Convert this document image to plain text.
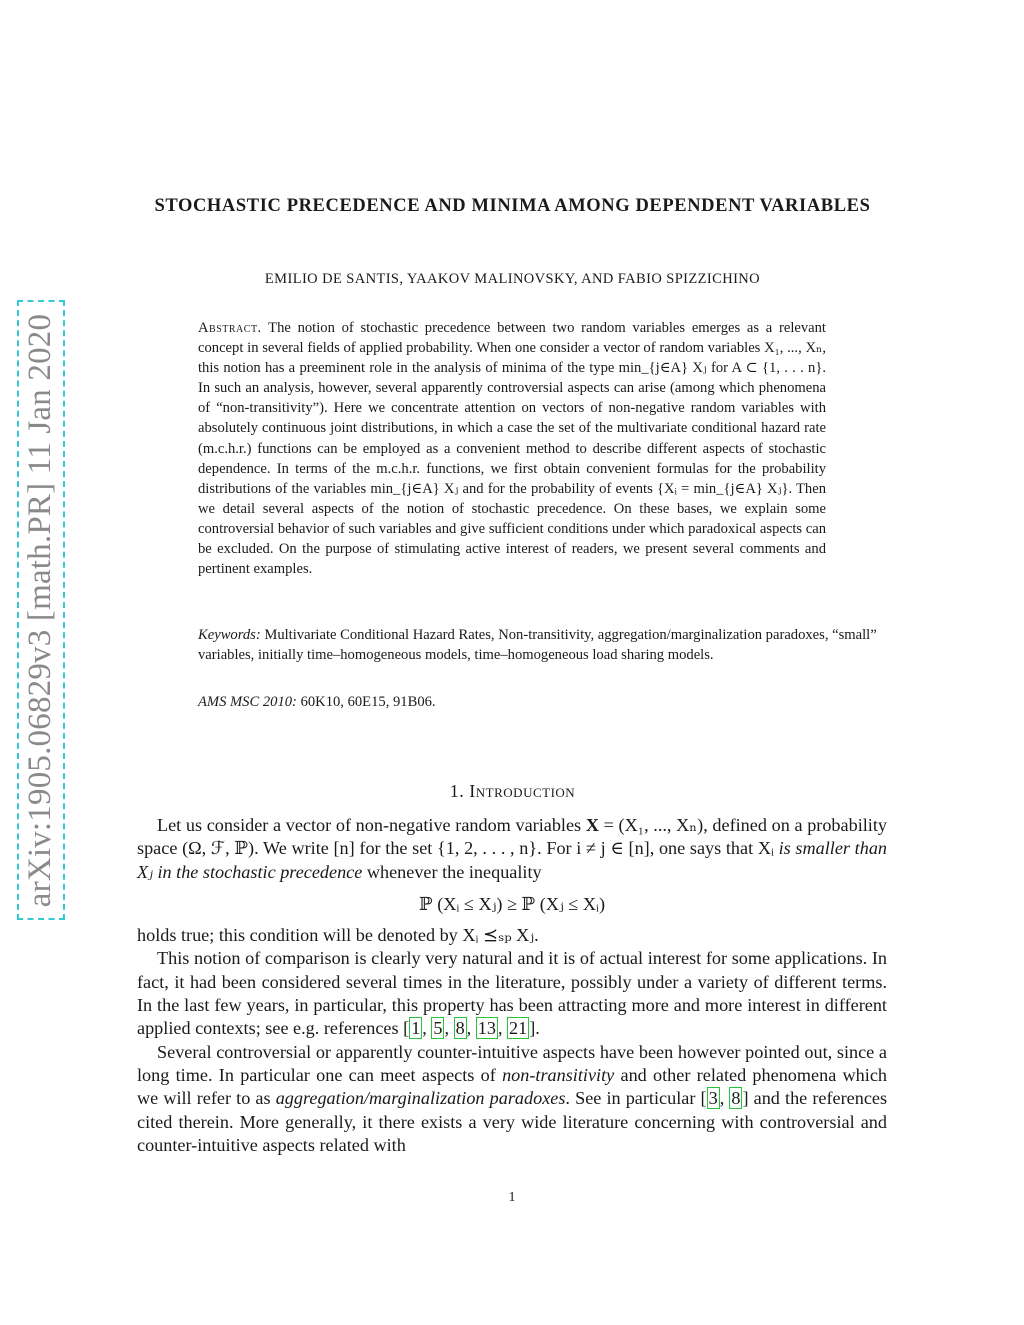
arXiv:1905.06829v3 [math.PR] 11 Jan 2020
STOCHASTIC PRECEDENCE AND MINIMA AMONG DEPENDENT VARIABLES
EMILIO DE SANTIS, YAAKOV MALINOVSKY, AND FABIO SPIZZICHINO
Abstract. The notion of stochastic precedence between two random variables emerges as a relevant concept in several fields of applied probability. When one consider a vector of random variables X₁, ..., Xₙ, this notion has a preeminent role in the analysis of minima of the type min_{j∈A} Xⱼ for A ⊂ {1, . . . n}. In such an analysis, however, several apparently controversial aspects can arise (among which phenomena of “non-transitivity”). Here we concentrate attention on vectors of non-negative random variables with absolutely continuous joint distributions, in which a case the set of the multivariate conditional hazard rate (m.c.h.r.) functions can be employed as a convenient method to describe different aspects of stochastic dependence. In terms of the m.c.h.r. functions, we first obtain convenient formulas for the probability distributions of the variables min_{j∈A} Xⱼ and for the probability of events {Xᵢ = min_{j∈A} Xⱼ}. Then we detail several aspects of the notion of stochastic precedence. On these bases, we explain some controversial behavior of such variables and give sufficient conditions under which paradoxical aspects can be excluded. On the purpose of stimulating active interest of readers, we present several comments and pertinent examples.
Keywords: Multivariate Conditional Hazard Rates, Non-transitivity, aggregation/marginalization paradoxes, “small” variables, initially time–homogeneous models, time–homogeneous load sharing models.
AMS MSC 2010: 60K10, 60E15, 91B06.
1. Introduction

Let us consider a vector of non-negative random variables X = (X₁, ..., Xₙ), defined on a probability space (Ω, ℱ, ℙ). We write [n] for the set {1, 2, . . . , n}. For i ≠ j ∈ [n], one says that Xᵢ is smaller than Xⱼ in the stochastic precedence whenever the inequality

ℙ (Xᵢ ≤ Xⱼ) ≥ ℙ (Xⱼ ≤ Xᵢ)

holds true; this condition will be denoted by Xᵢ ⪯ₛₚ Xⱼ.

This notion of comparison is clearly very natural and it is of actual interest for some applications. In fact, it had been considered several times in the literature, possibly under a variety of different terms. In the last few years, in particular, this property has been attracting more and more interest in different applied contexts; see e.g. references [ 1 , 5 , 8 , 13 , 21 ].

Several controversial or apparently counter-intuitive aspects have been however pointed out, since a long time. In particular one can meet aspects of non-transitivity and other related phenomena which we will refer to as aggregation/marginalization paradoxes. See in particular [ 3 , 8 ] and the references cited therein. More generally, it there exists a very wide literature concerning with controversial and counter-intuitive aspects related with

1
